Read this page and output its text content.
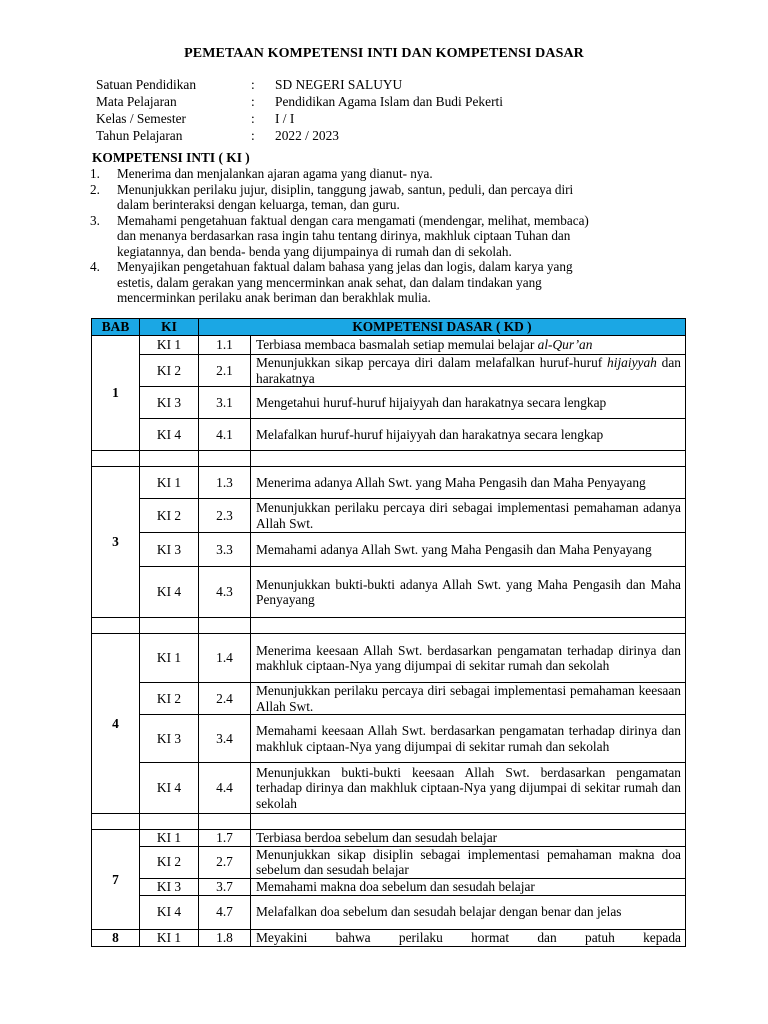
PEMETAAN KOMPETENSI INTI DAN KOMPETENSI DASAR
Satuan Pendidikan	:	SD NEGERI SALUYU
Mata Pelajaran	:	Pendidikan Agama Islam dan Budi Pekerti
Kelas / Semester	:	I / I
Tahun Pelajaran	:	2022 / 2023
KOMPETENSI INTI ( KI )
1.	Menerima dan menjalankan ajaran agama yang dianut- nya.
2.	Menunjukkan perilaku jujur, disiplin, tanggung jawab, santun, peduli, dan percaya diri
dalam berinteraksi dengan keluarga, teman, dan guru.
3.	Memahami pengetahuan faktual dengan cara mengamati (mendengar, melihat, membaca)
dan menanya berdasarkan rasa ingin tahu tentang dirinya, makhluk ciptaan Tuhan dan
kegiatannya, dan benda- benda yang dijumpainya di rumah dan di sekolah.
4.	Menyajikan pengetahuan faktual dalam bahasa yang jelas dan logis, dalam karya yang
estetis, dalam gerakan yang mencerminkan anak sehat, dan dalam tindakan yang
mencerminkan perilaku anak beriman dan berakhlak mulia.
BAB	KI	KOMPETENSI DASAR ( KD )	
1	KI 1	1.1	Terbiasa membaca basmalah setiap memulai belajar al-Qur’an
	KI 2	2.1	Menunjukkan sikap percaya diri dalam melafalkan huruf-huruf hijaiyyah dan harakatnya
	KI 3	3.1	Mengetahui huruf-huruf hijaiyyah dan harakatnya secara lengkap
	KI 4	4.1	Melafalkan huruf-huruf hijaiyyah dan harakatnya secara lengkap

3	KI 1	1.3	Menerima adanya Allah Swt. yang Maha Pengasih dan Maha Penyayang
	KI 2	2.3	Menunjukkan perilaku percaya diri sebagai implementasi pemahaman adanya Allah Swt.
	KI 3	3.3	Memahami adanya Allah Swt. yang Maha Pengasih dan Maha Penyayang
	KI 4	4.3	Menunjukkan bukti-bukti adanya Allah Swt. yang Maha Pengasih dan Maha Penyayang

4	KI 1	1.4	Menerima keesaan Allah Swt. berdasarkan pengamatan terhadap dirinya dan makhluk ciptaan-Nya yang dijumpai di sekitar rumah dan sekolah
	KI 2	2.4	Menunjukkan perilaku percaya diri sebagai implementasi pemahaman keesaan Allah Swt.
	KI 3	3.4	Memahami keesaan Allah Swt. berdasarkan pengamatan terhadap dirinya dan makhluk ciptaan-Nya yang dijumpai di sekitar rumah dan sekolah
	KI 4	4.4	Menunjukkan bukti-bukti keesaan Allah Swt. berdasarkan pengamatan terhadap dirinya dan makhluk ciptaan-Nya yang dijumpai di sekitar rumah dan sekolah

7	KI 1	1.7	Terbiasa berdoa sebelum dan sesudah belajar
	KI 2	2.7	Menunjukkan sikap disiplin sebagai implementasi pemahaman makna doa sebelum dan sesudah belajar
	KI 3	3.7	Memahami makna doa sebelum dan sesudah belajar
	KI 4	4.7	Melafalkan doa sebelum dan sesudah belajar dengan benar dan jelas
8	KI 1	1.8	Meyakini bahwa perilaku hormat dan patuh kepada
